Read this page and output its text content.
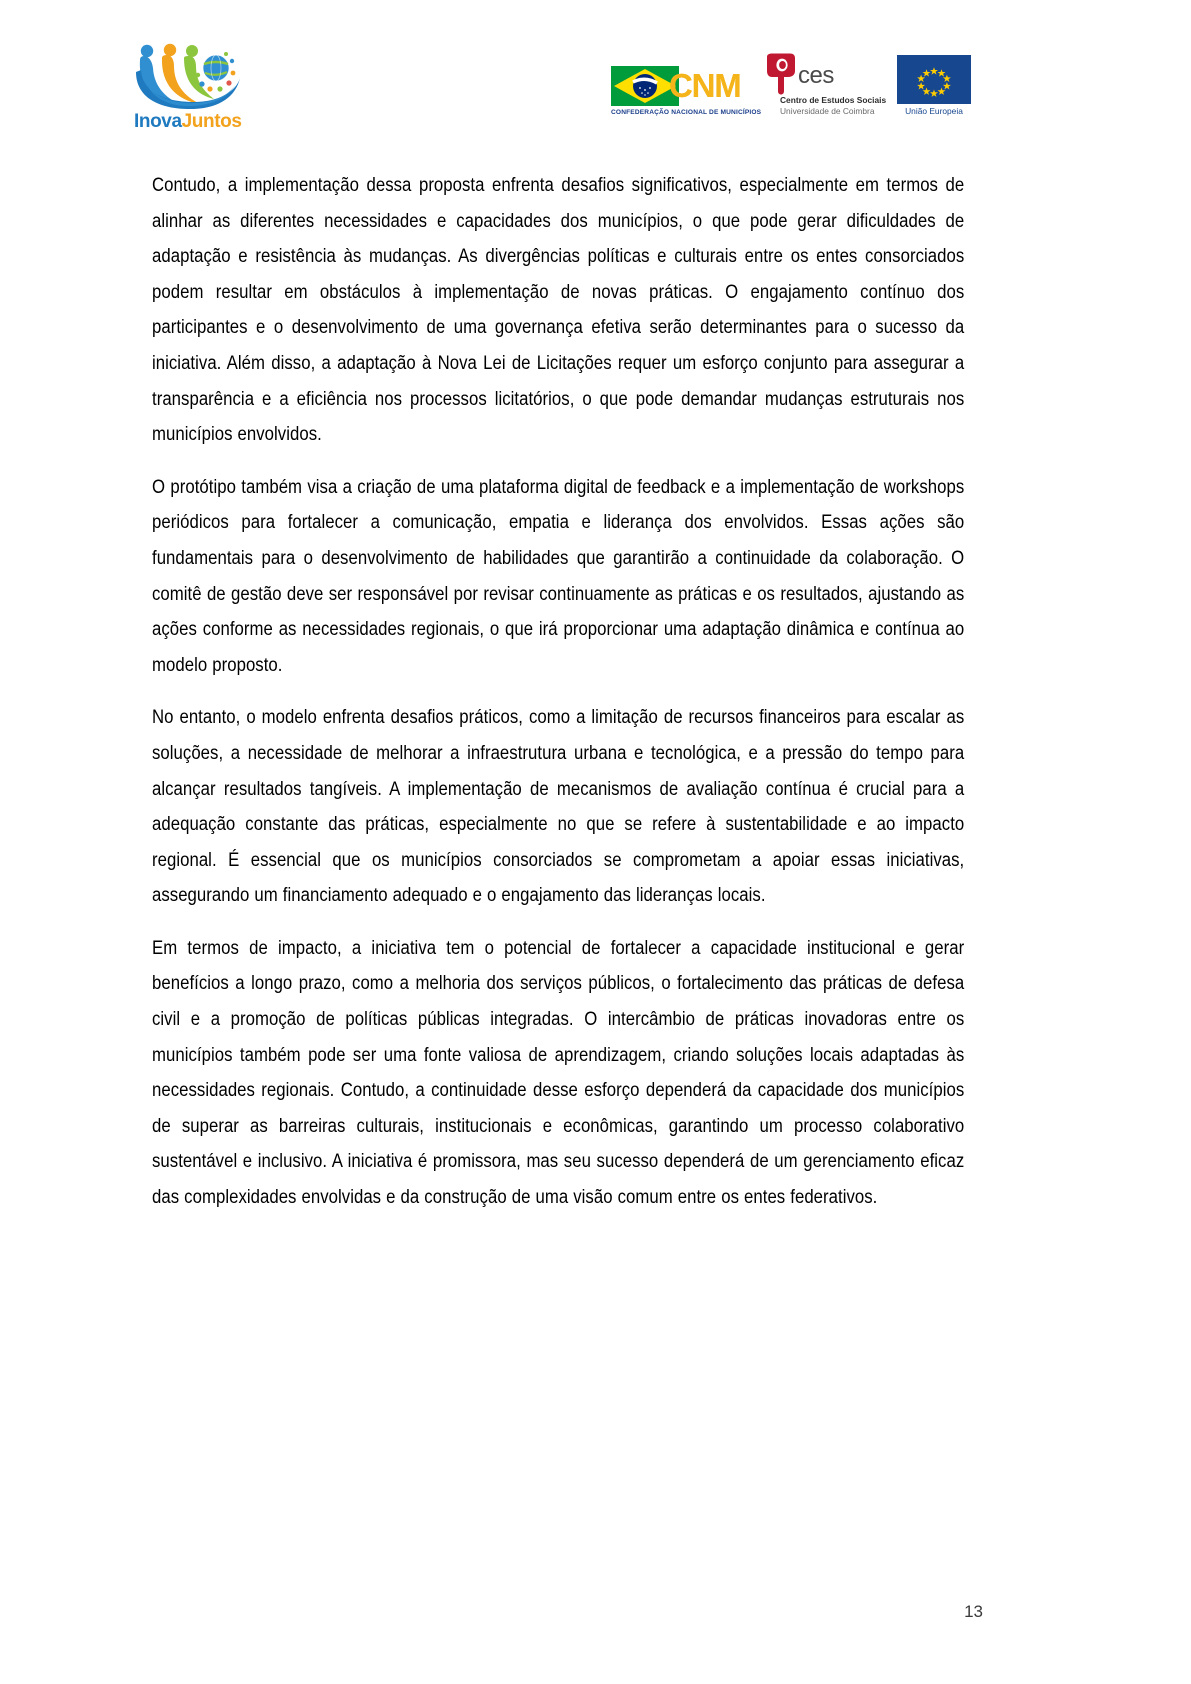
InovaJuntos
CNM
CONFEDERAÇÃO NACIONAL DE MUNICÍPIOS
ces
Centro de Estudos Sociais
Universidade de Coimbra	União Europeia

Contudo, a implementação dessa proposta enfrenta desafios significativos, especialmente em termos de alinhar as diferentes necessidades e capacidades dos municípios, o que pode gerar dificuldades de adaptação e resistência às mudanças. As divergências políticas e culturais entre os entes consorciados podem resultar em obstáculos à implementação de novas práticas. O engajamento contínuo dos participantes e o desenvolvimento de uma governança efetiva serão determinantes para o sucesso da iniciativa. Além disso, a adaptação à Nova Lei de Licitações requer um esforço conjunto para assegurar a transparência e a eficiência nos processos licitatórios, o que pode demandar mudanças estruturais nos municípios envolvidos.

O protótipo também visa a criação de uma plataforma digital de feedback e a implementação de workshops periódicos para fortalecer a comunicação, empatia e liderança dos envolvidos. Essas ações são fundamentais para o desenvolvimento de habilidades que garantirão a continuidade da colaboração. O comitê de gestão deve ser responsável por revisar continuamente as práticas e os resultados, ajustando as ações conforme as necessidades regionais, o que irá proporcionar uma adaptação dinâmica e contínua ao modelo proposto.

No entanto, o modelo enfrenta desafios práticos, como a limitação de recursos financeiros para escalar as soluções, a necessidade de melhorar a infraestrutura urbana e tecnológica, e a pressão do tempo para alcançar resultados tangíveis. A implementação de mecanismos de avaliação contínua é crucial para a adequação constante das práticas, especialmente no que se refere à sustentabilidade e ao impacto regional. É essencial que os municípios consorciados se comprometam a apoiar essas iniciativas, assegurando um financiamento adequado e o engajamento das lideranças locais.

Em termos de impacto, a iniciativa tem o potencial de fortalecer a capacidade institucional e gerar benefícios a longo prazo, como a melhoria dos serviços públicos, o fortalecimento das práticas de defesa civil e a promoção de políticas públicas integradas. O intercâmbio de práticas inovadoras entre os municípios também pode ser uma fonte valiosa de aprendizagem, criando soluções locais adaptadas às necessidades regionais. Contudo, a continuidade desse esforço dependerá da capacidade dos municípios de superar as barreiras culturais, institucionais e econômicas, garantindo um processo colaborativo sustentável e inclusivo. A iniciativa é promissora, mas seu sucesso dependerá de um gerenciamento eficaz das complexidades envolvidas e da construção de uma visão comum entre os entes federativos.

13
